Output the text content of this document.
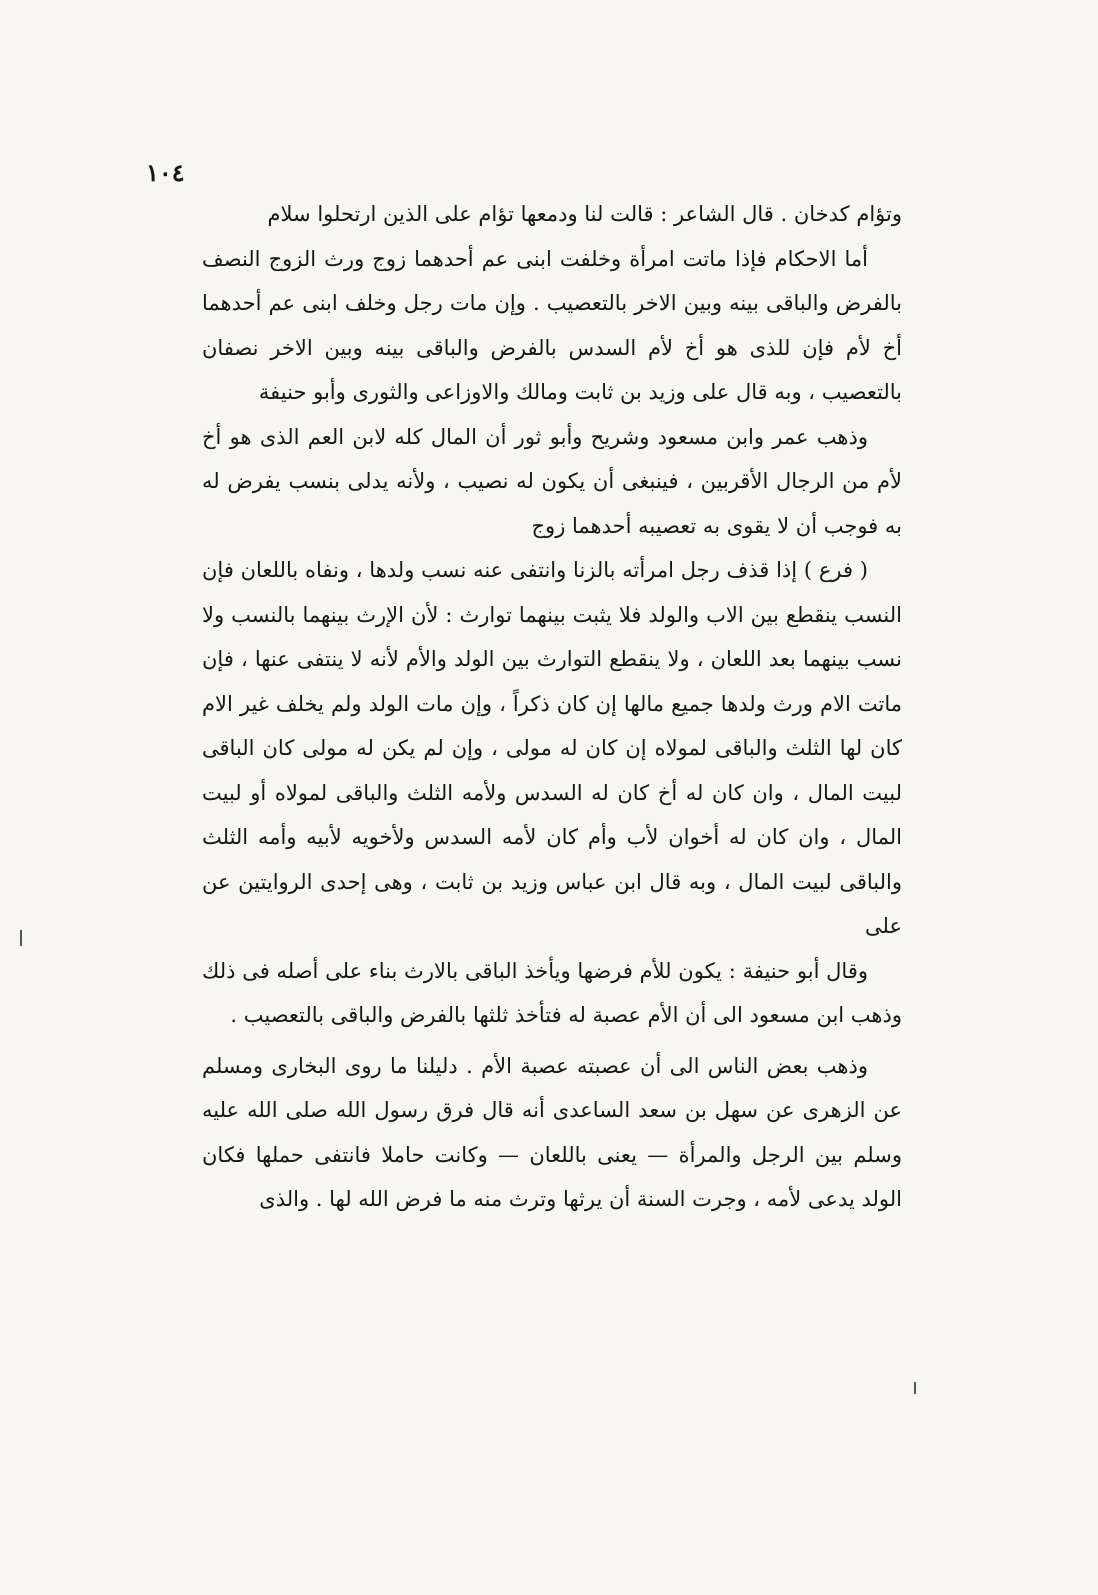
١٠٤

وتؤام كدخان . قال الشاعر : قالت لنا ودمعها تؤام على الذين ارتحلوا سلام

أما الاحكام فإذا ماتت امرأة وخلفت ابنى عم أحدهما زوج ورث الزوج النصف بالفرض والباقى بينه وبين الاخر بالتعصيب . وإن مات رجل وخلف ابنى عم أحدهما أخ لأم فإن للذى هو أخ لأم السدس بالفرض والباقى بينه وبين الاخر نصفان بالتعصيب ، وبه قال على وزيد بن ثابت ومالك والاوزاعى والثورى وأبو حنيفة

وذهب عمر وابن مسعود وشريح وأبو ثور أن المال كله لابن العم الذى هو أخ لأم من الرجال الأقربين ، فينبغى أن يكون له نصيب ، ولأنه يدلى بنسب يفرض له به فوجب أن لا يقوى به تعصيبه أحدهما زوج

( فرع ) إذا قذف رجل امرأته بالزنا وانتفى عنه نسب ولدها ، ونفاه باللعان فإن النسب ينقطع بين الاب والولد فلا يثبت بينهما توارث : لأن الإرث بينهما بالنسب ولا نسب بينهما بعد اللعان ، ولا ينقطع التوارث بين الولد والأم لأنه لا ينتفى عنها ، فإن ماتت الام ورث ولدها جميع مالها إن كان ذكراً ، وإن مات الولد ولم يخلف غير الام كان لها الثلث والباقى لمولاه إن كان له مولى ، وإن لم يكن له مولى كان الباقى لبيت المال ، وان كان له أخ كان له السدس ولأمه الثلث والباقى لمولاه أو لبيت المال ، وان كان له أخوان لأب وأم كان لأمه السدس ولأخويه لأبيه وأمه الثلث والباقى لبيت المال ، وبه قال ابن عباس وزيد بن ثابت ، وهى إحدى الروايتين عن على

وقال أبو حنيفة : يكون للأم فرضها ويأخذ الباقى بالارث بناء على أصله فى ذلك وذهب ابن مسعود الى أن الأم عصبة له فتأخذ ثلثها بالفرض والباقى بالتعصيب .

وذهب بعض الناس الى أن عصبته عصبة الأم . دليلنا ما روى البخارى ومسلم عن الزهرى عن سهل بن سعد الساعدى أنه قال فرق رسول الله صلى الله عليه وسلم بين الرجل والمرأة — يعنى باللعان — وكانت حاملا فانتفى حملها فكان الولد يدعى لأمه ، وجرت السنة أن يرثها وترث منه ما فرض الله لها . والذى
